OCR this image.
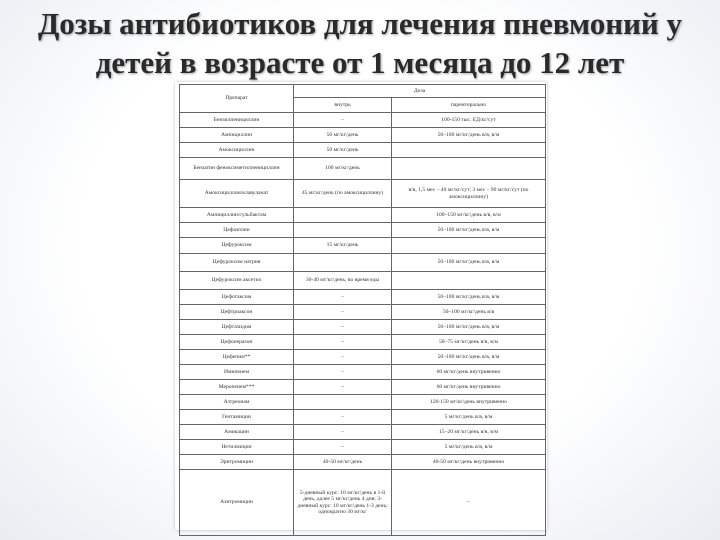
Дозы антибиотиков для лечения пневмоний у
детей в возрасте от 1 месяца до 12 лет
Препарат	Доза	
	внутрь	парентерально
Бензилпенициллин	–	100-150 тыс. ЕД/кг/сут
Ампициллин	50 мг/кг/день	50–100 мг/кг/день в/в, в/м
Амоксициллин	50 мг/кг/день	
Бензатин феноксиметилпенициллин	100 мг/кг/день	
Амоксициллин/клавуланат	45 мг/кг/день (по амоксициллину)	в/в, 1,5 мес – 40 мг/кг/сут; 3 мес – 90 мг/кг/сут (по амоксициллину)
Ампициллин/сульбактам		100–150 мг/кг/день в/в, в/м
Цефазолин		50–100 мг/кг/день в/в, в/м
Цефуроксим	15 мг/кг/день	
Цефуроксим натрия		50–100 мг/кг/день в/в, в/м
Цефуроксим аксетил	30-40 мг/кг/день, во время еды	
Цефотаксим	–	50–100 мг/кг/день в/в, в/м
Цефтриаксон	–	50–100 мг/кг/день в/в
Цефтазидим	–	50–100 мг/кг/день в/в, в/м
Цефоперазон	–	50–75 мг/кг/день в/в, в/м
Цефепим**	–	50–100 мг/кг/день в/в, в/м
Имипенем	–	60 мг/кг/день внутривенно
Меропенем***	–	60 мг/кг/день внутривенно
Азтреонам		120-150 мг/кг/день внутривенно
Гентамицин	–	5 мг/кг/день в/в, в/м
Амикацин	–	15–20 мг/кг/день в/в, в/м
Нетилмицин	–	5 мг/кг/день в/в, в/м
Эритромицин	40-50 мг/кг/день	40-50 мг/кг/день внутривенно
Азитромицин	5-дневный курс: 10 мг/кг/день в 1-й день, далее 5 мг/кг/день 4 дня; 3-дневный курс: 10 мг/кг/день 1-3 день; однократно 30 мг/кг	–
